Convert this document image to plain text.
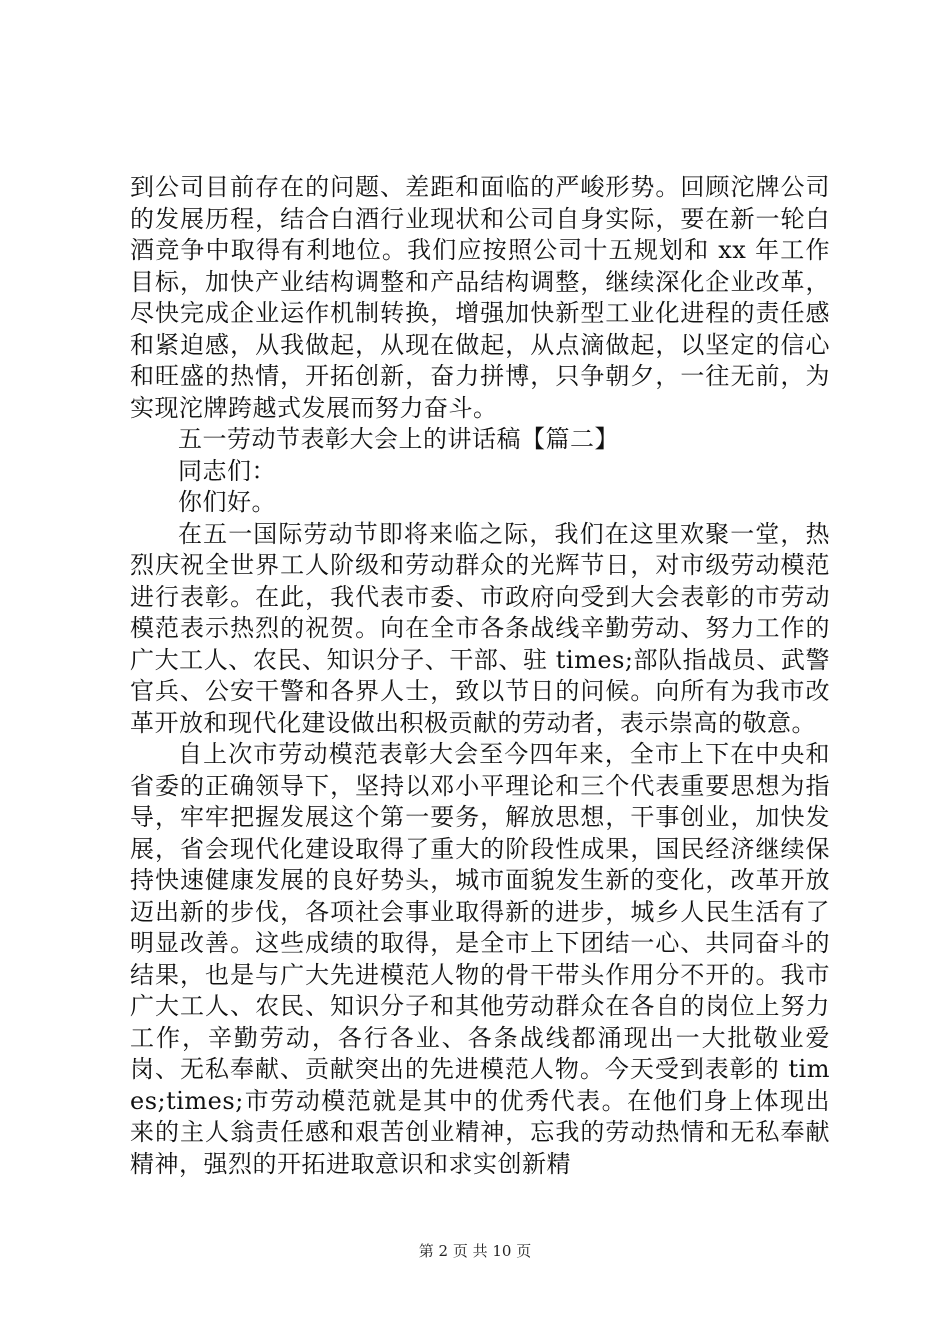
到公司目前存在的问题、差距和面临的严峻形势。回顾沱牌公司的发展历程，结合白酒行业现状和公司自身实际，要在新一轮白酒竞争中取得有利地位。我们应按照公司十五规划和 xx 年工作目标，加快产业结构调整和产品结构调整，继续深化企业改革，尽快完成企业运作机制转换，增强加快新型工业化进程的责任感和紧迫感，从我做起，从现在做起，从点滴做起，以坚定的信心和旺盛的热情，开拓创新，奋力拼博，只争朝夕，一往无前，为实现沱牌跨越式发展而努力奋斗。

五一劳动节表彰大会上的讲话稿【篇二】

同志们：

你们好。

在五一国际劳动节即将来临之际，我们在这里欢聚一堂，热烈庆祝全世界工人阶级和劳动群众的光辉节日，对市级劳动模范进行表彰。在此，我代表市委、市政府向受到大会表彰的市劳动模范表示热烈的祝贺。向在全市各条战线辛勤劳动、努力工作的广大工人、农民、知识分子、干部、驻 times;部队指战员、武警官兵、公安干警和各界人士，致以节日的问候。向所有为我市改革开放和现代化建设做出积极贡献的劳动者，表示崇高的敬意。

自上次市劳动模范表彰大会至今四年来，全市上下在中央和省委的正确领导下，坚持以邓小平理论和三个代表重要思想为指导，牢牢把握发展这个第一要务，解放思想，干事创业，加快发展，省会现代化建设取得了重大的阶段性成果，国民经济继续保持快速健康发展的良好势头，城市面貌发生新的变化，改革开放迈出新的步伐，各项社会事业取得新的进步，城乡人民生活有了明显改善。这些成绩的取得，是全市上下团结一心、共同奋斗的结果，也是与广大先进模范人物的骨干带头作用分不开的。我市广大工人、农民、知识分子和其他劳动群众在各自的岗位上努力工作，辛勤劳动，各行各业、各条战线都涌现出一大批敬业爱岗、无私奉献、贡献突出的先进模范人物。今天受到表彰的 times;times;市劳动模范就是其中的优秀代表。在他们身上体现出来的主人翁责任感和艰苦创业精神，忘我的劳动热情和无私奉献精神，强烈的开拓进取意识和求实创新精

第 2 页 共 10 页
